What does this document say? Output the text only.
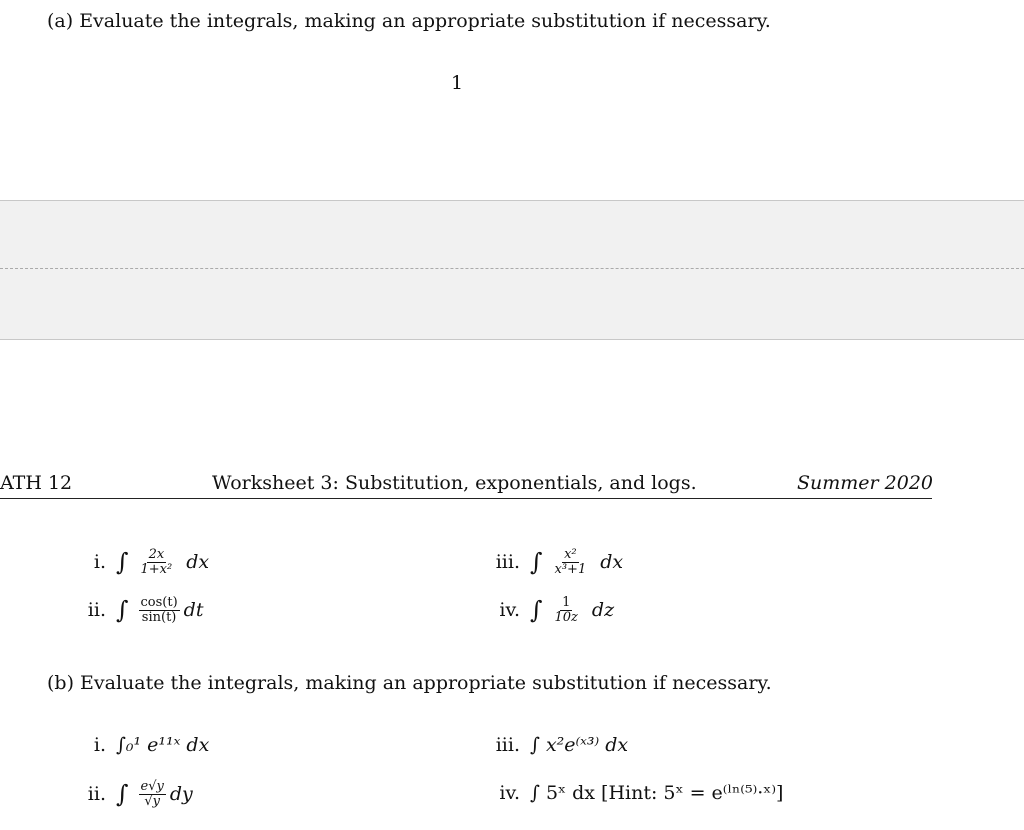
(a) Evaluate the integrals, making an appropriate substitution if necessary.
1
ATH 12	Worksheet 3: Substitution, exponentials, and logs.	Summer 2020
i. ∫ $\frac{2x}{\text{1+x²}}$ dx
ii. ∫ $\frac{\cos(t)}{\sin(t)}$ dt
iii. ∫ $\frac{\text{x²}}{\text{x³+1}}$ dx
iv. ∫ $\frac{1}{10z}$ dz
(b) Evaluate the integrals, making an appropriate substitution if necessary.
i. ∫₀¹ e¹¹ˣ dx
ii. ∫ $\frac{e√y}{√y}$ dy
iii. ∫ x²e⁽ˣ³⁾ dx
iv. ∫ 5ˣ dx [Hint: 5ˣ = e⁽ˡⁿ⁽⁵⁾·ˣ⁾]
